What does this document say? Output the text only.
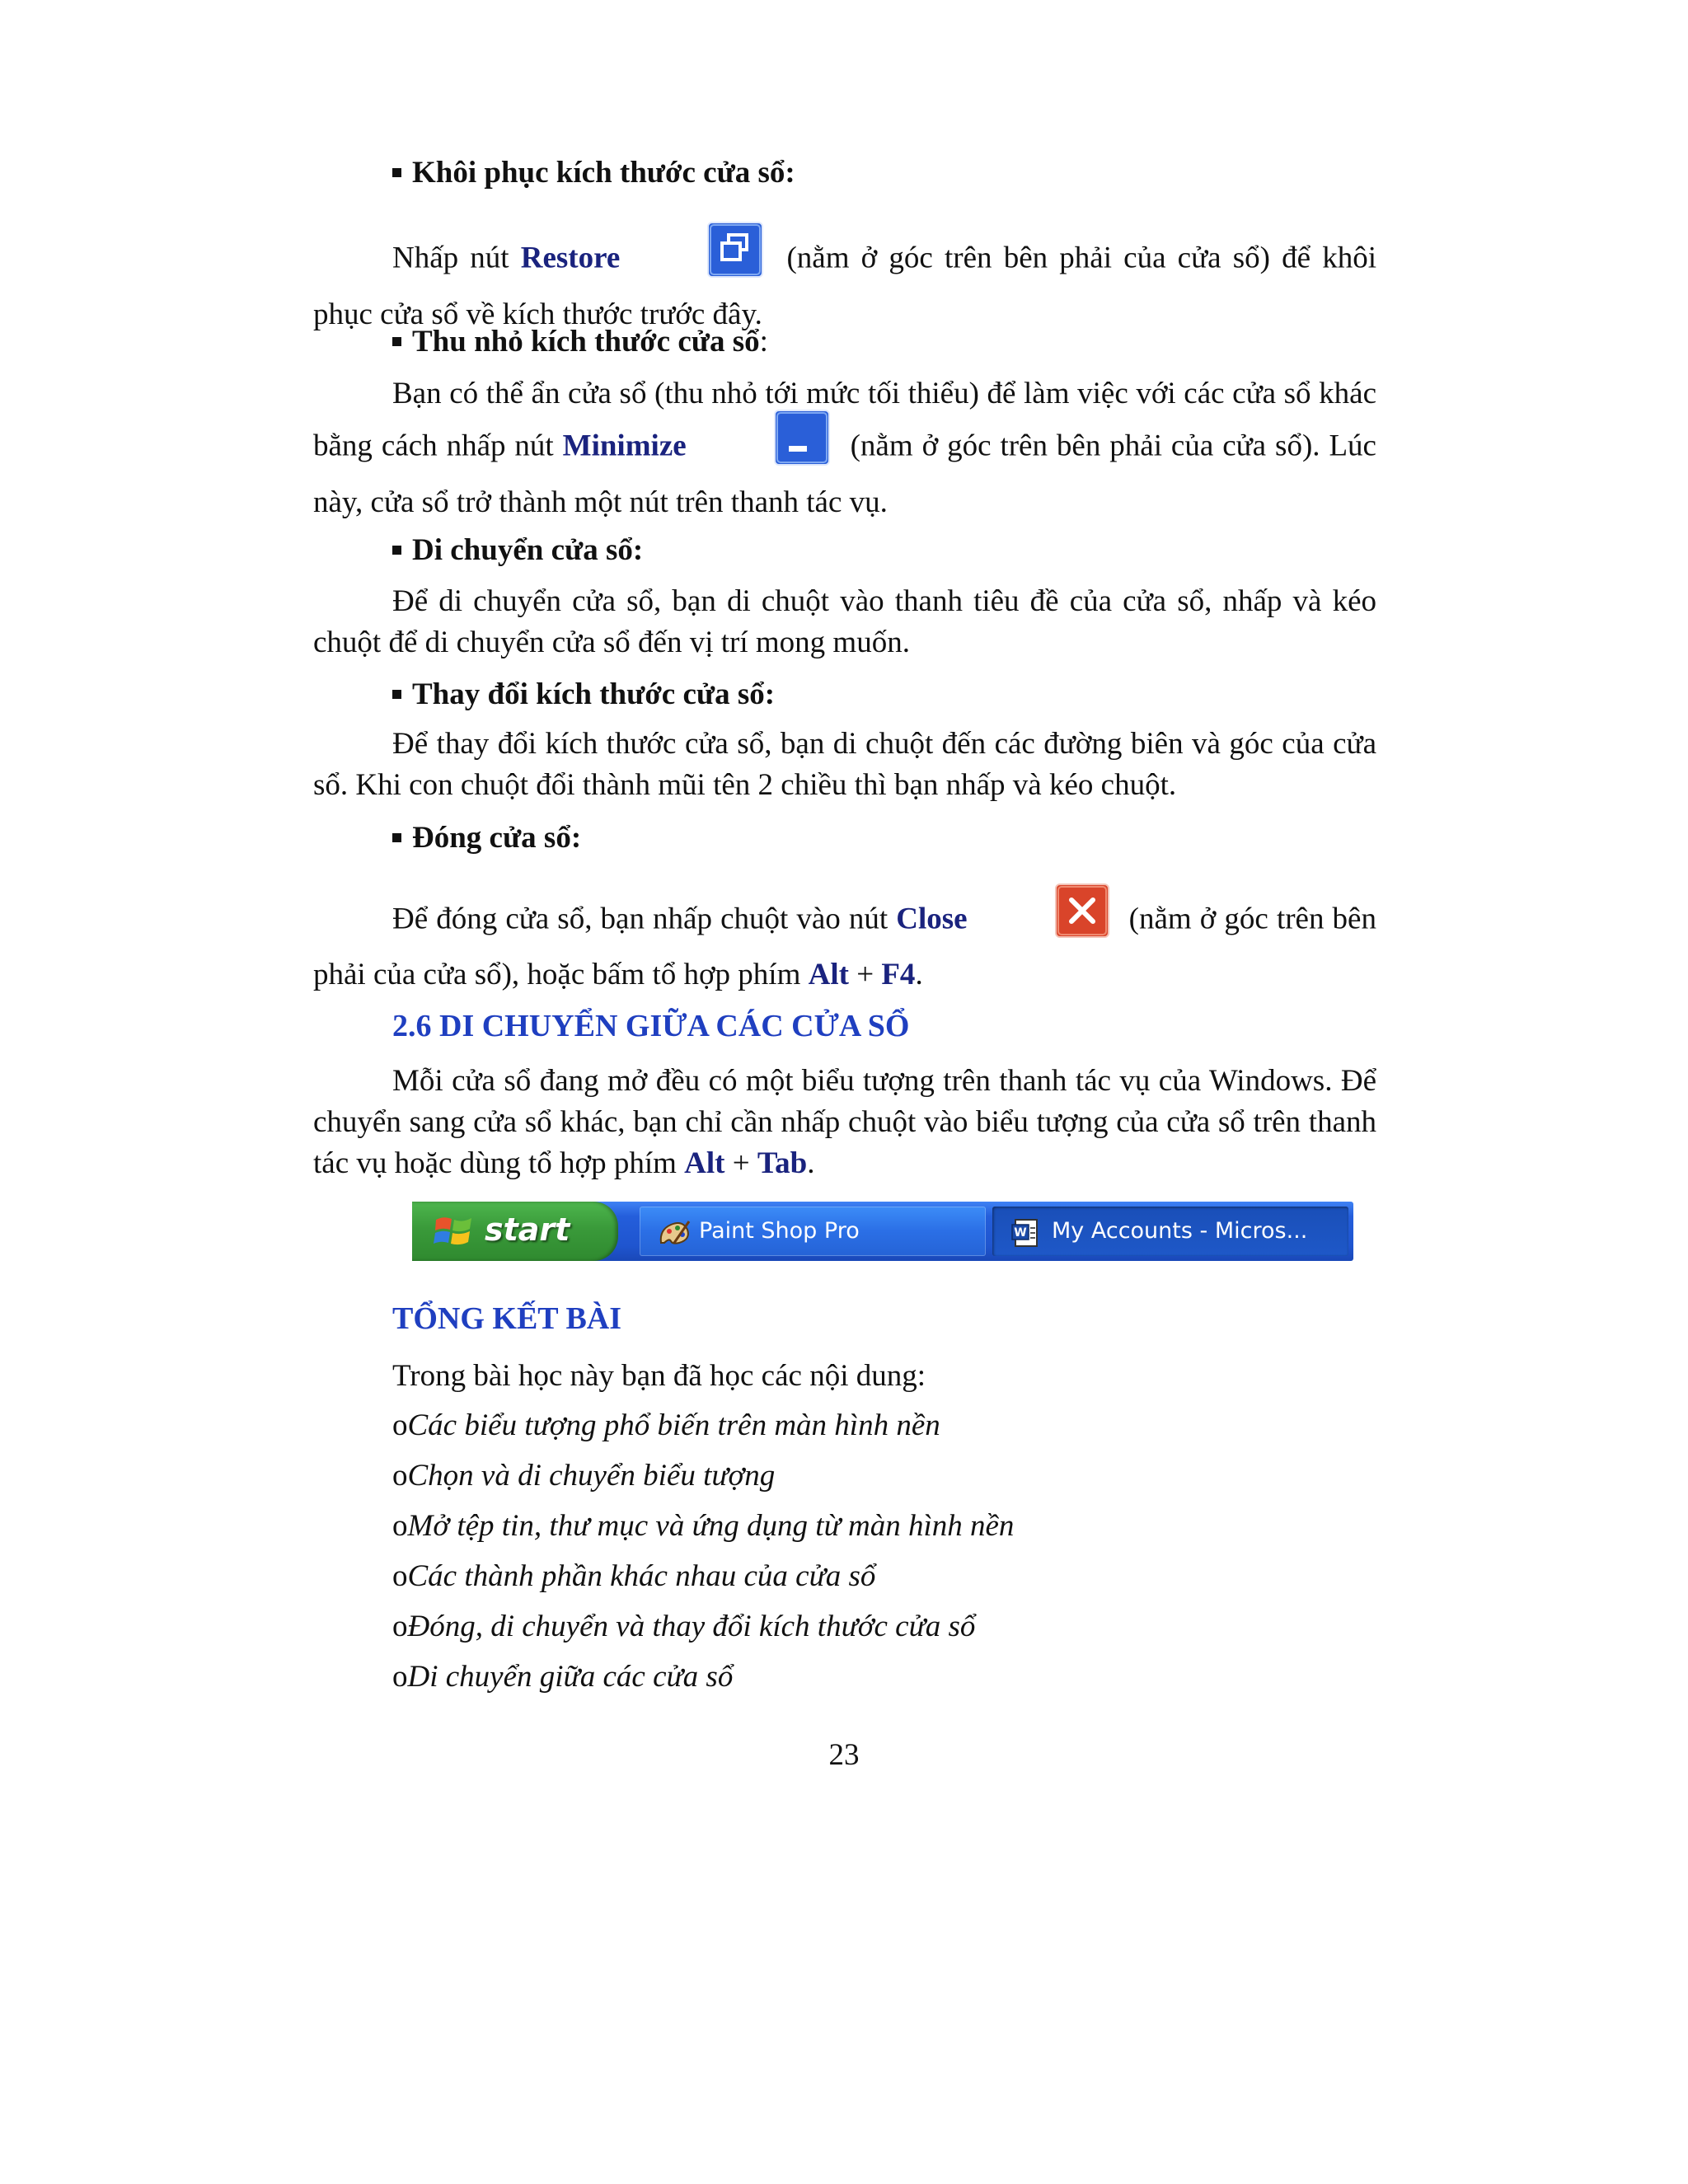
Khôi phục kích thước cửa sổ:
Nhấp nút Restore	(nằm ở góc trên bên phải của cửa sổ) để khôi phục cửa sổ về kích thước trước đây.
Thu nhỏ kích thước cửa sổ:
Bạn có thể ẩn cửa sổ (thu nhỏ tới mức tối thiểu) để làm việc với các cửa sổ khác bằng cách nhấp nút Minimize	(nằm ở góc trên bên phải của cửa sổ). Lúc này, cửa sổ trở thành một nút trên thanh tác vụ.
Di chuyển cửa sổ:
Để di chuyển cửa sổ, bạn di chuột vào thanh tiêu đề của cửa sổ, nhấp và kéo chuột để di chuyển cửa sổ đến vị trí mong muốn.
Thay đổi kích thước cửa sổ:
Để thay đổi kích thước cửa sổ, bạn di chuột đến các đường biên và góc của cửa sổ. Khi con chuột đổi thành mũi tên 2 chiều thì bạn nhấp và kéo chuột.
Đóng cửa sổ:
Để đóng cửa sổ, bạn nhấp chuột vào nút Close	(nằm ở góc trên bên phải của cửa sổ), hoặc bấm tổ hợp phím Alt + F4.
2.6 DI CHUYỂN GIỮA CÁC CỬA SỔ
Mỗi cửa sổ đang mở đều có một biểu tượng trên thanh tác vụ của Windows. Để chuyển sang cửa sổ khác, bạn chỉ cần nhấp chuột vào biểu tượng của cửa sổ trên thanh tác vụ hoặc dùng tổ hợp phím Alt + Tab.
start	Paint Shop Pro	W My Accounts - Micros...
TỔNG KẾT BÀI
Trong bài học này bạn đã học các nội dung:
oCác biểu tượng phổ biến trên màn hình nền
oChọn và di chuyển biểu tượng
oMở tệp tin, thư mục và ứng dụng từ màn hình nền
oCác thành phần khác nhau của cửa sổ
oĐóng, di chuyển và thay đổi kích thước cửa sổ
oDi chuyển giữa các cửa sổ
23
